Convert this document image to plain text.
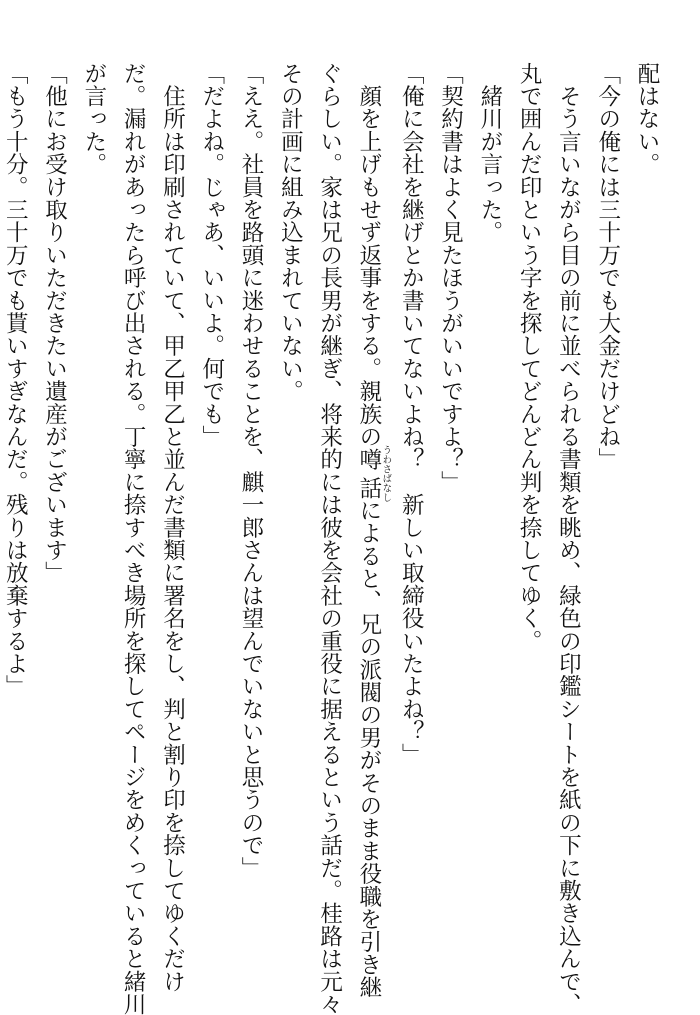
配はない。
「今の俺には三十万でも大金だけどね」
　そう言いながら目の前に並べられる書類を眺め、緑色の印鑑シートを紙の下に敷き込んで、
丸で囲んだ印という字を探してどんどん判を捺してゆく。
　緒川が言った。
「契約書はよく見たほうがいいですよ？」
「俺に会社を継げとか書いてないよね？　新しい取締役いたよね？」
　顔を上げもせず返事をする。親族の噂話うわさばなしによると、兄の派閥の男がそのまま役職を引き継
ぐらしい。家は兄の長男が継ぎ、将来的には彼を会社の重役に据えるという話だ。桂路は元々
その計画に組み込まれていない。
「ええ。社員を路頭に迷わせることを、麒一郎さんは望んでいないと思うので」
「だよね。じゃあ、いいよ。何でも」
　住所は印刷されていて、甲乙甲乙と並んだ書類に署名をし、判と割り印を捺してゆくだけ
だ。漏れがあったら呼び出される。丁寧に捺すべき場所を探してページをめくっていると緒川
が言った。
「他にお受け取りいただきたい遺産がございます」
「もう十分。三十万でも貰いすぎなんだ。残りは放棄するよ」
